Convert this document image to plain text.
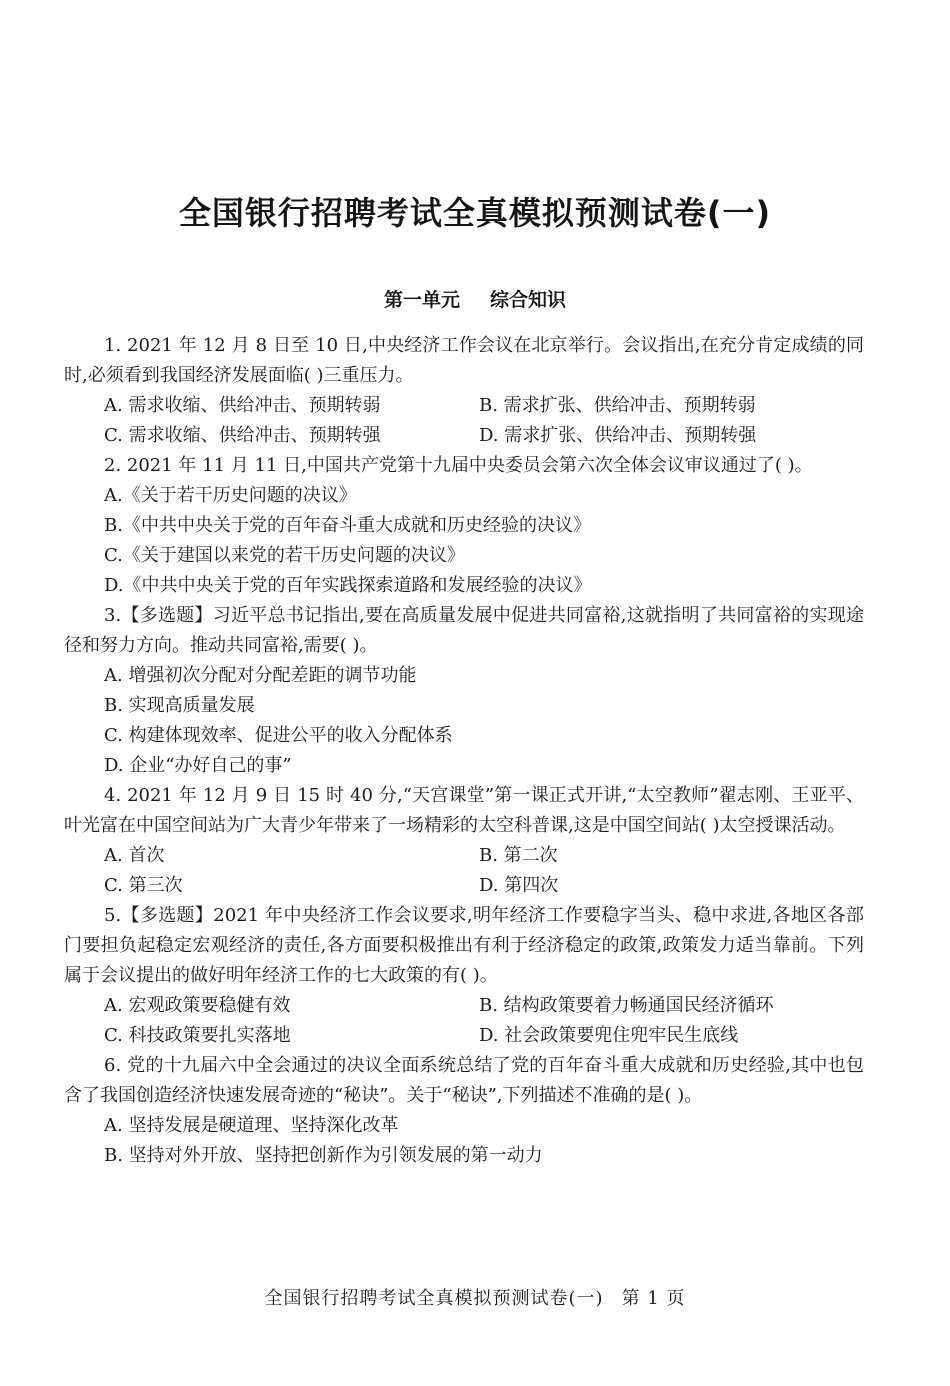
全国银行招聘考试全真模拟预测试卷(一)
第一单元 综合知识

1. 2021 年 12 月 8 日至 10 日,中央经济工作会议在北京举行。会议指出,在充分肯定成绩的同时,必须看到我国经济发展面临( )三重压力。

A. 需求收缩、供给冲击、预期转弱	B. 需求扩张、供给冲击、预期转弱
C. 需求收缩、供给冲击、预期转强	D. 需求扩张、供给冲击、预期转强

2. 2021 年 11 月 11 日,中国共产党第十九届中央委员会第六次全体会议审议通过了( )。

A.《关于若干历史问题的决议》

B.《中共中央关于党的百年奋斗重大成就和历史经验的决议》

C.《关于建国以来党的若干历史问题的决议》

D.《中共中央关于党的百年实践探索道路和发展经验的决议》

3.【多选题】习近平总书记指出,要在高质量发展中促进共同富裕,这就指明了共同富裕的实现途径和努力方向。推动共同富裕,需要( )。

A. 增强初次分配对分配差距的调节功能

B. 实现高质量发展

C. 构建体现效率、促进公平的收入分配体系

D. 企业“办好自己的事”

4. 2021 年 12 月 9 日 15 时 40 分,“天宫课堂”第一课正式开讲,“太空教师”翟志刚、王亚平、叶光富在中国空间站为广大青少年带来了一场精彩的太空科普课,这是中国空间站( )太空授课活动。

A. 首次	B. 第二次
C. 第三次	D. 第四次

5.【多选题】2021 年中央经济工作会议要求,明年经济工作要稳字当头、稳中求进,各地区各部门要担负起稳定宏观经济的责任,各方面要积极推出有利于经济稳定的政策,政策发力适当靠前。下列属于会议提出的做好明年经济工作的七大政策的有( )。

A. 宏观政策要稳健有效	B. 结构政策要着力畅通国民经济循环
C. 科技政策要扎实落地	D. 社会政策要兜住兜牢民生底线

6. 党的十九届六中全会通过的决议全面系统总结了党的百年奋斗重大成就和历史经验,其中也包含了我国创造经济快速发展奇迹的“秘诀”。关于“秘诀”,下列描述不准确的是( )。

A. 坚持发展是硬道理、坚持深化改革

B. 坚持对外开放、坚持把创新作为引领发展的第一动力

全国银行招聘考试全真模拟预测试卷(一) 第 1 页
